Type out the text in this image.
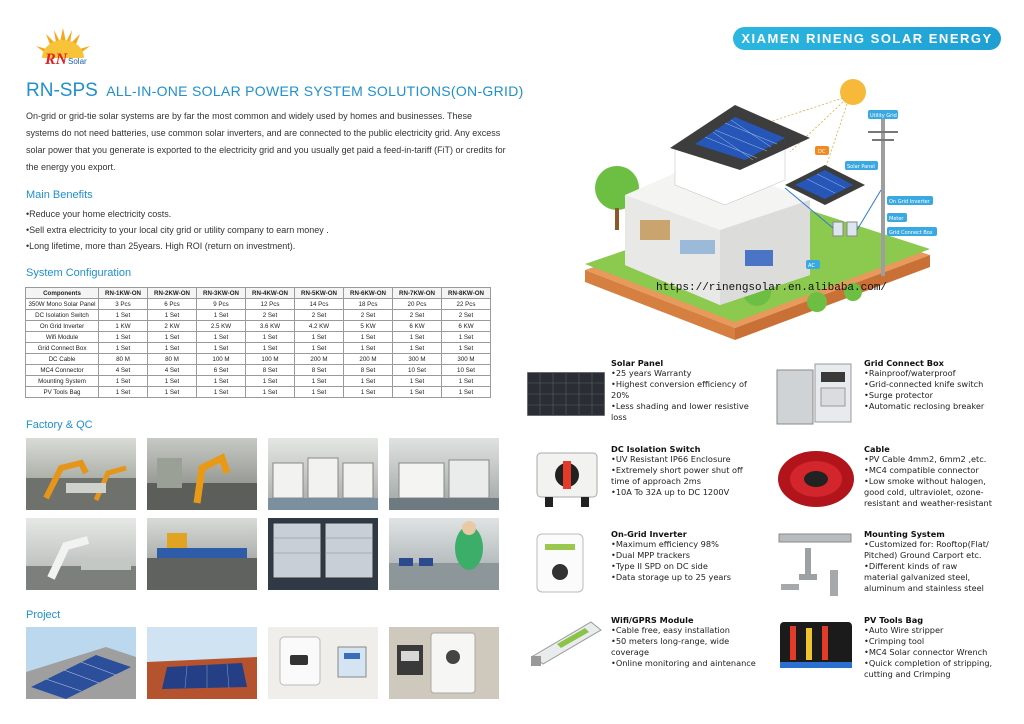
RN Solar
XIAMEN RINENG SOLAR ENERGY
RN-SPS ALL-IN-ONE SOLAR POWER SYSTEM SOLUTIONS(ON-GRID)
On-grid or grid-tie solar systems are by far the most common and widely used by homes and businesses. These systems do not need batteries, use common solar inverters, and are connected to the public electricity grid. Any excess solar power that you generate is exported to the electricity grid and you usually get paid a feed-in-tariff (FiT) or credits for the energy you export.
Main Benefits
•Reduce your home electricity costs.
•Sell extra electricity to your local city grid or utility company to earn money .
•Long lifetime, more than 25years. High ROI (return on investment).
System Configuration
Components	RN-1KW-ON	RN-2KW-ON	RN-3KW-ON	RN-4KW-ON	RN-5KW-ON	RN-6KW-ON	RN-7KW-ON	RN-8KW-ON
350W Mono Solar Panel	3 Pcs	6 Pcs	9 Pcs	12 Pcs	14 Pcs	18 Pcs	20 Pcs	22 Pcs
DC Isolation Switch	1 Set	1 Set	1 Set	2 Set	2 Set	2 Set	2 Set	2 Set
On Grid Inverter	1 KW	2 KW	2.5 KW	3.6 KW	4.2 KW	5 KW	6 KW	6 KW
Wifi Module	1 Set	1 Set	1 Set	1 Set	1 Set	1 Set	1 Set	1 Set
Grid Connect Box	1 Set	1 Set	1 Set	1 Set	1 Set	1 Set	1 Set	1 Set
DC Cable	80 M	80 M	100 M	100 M	200 M	200 M	300 M	300 M
MC4 Connector	4 Set	4 Set	6 Set	8 Set	8 Set	8 Set	10 Set	10 Set
Mounting System	1 Set	1 Set	1 Set	1 Set	1 Set	1 Set	1 Set	1 Set
PV Tools Bag	1 Set	1 Set	1 Set	1 Set	1 Set	1 Set	1 Set	1 Set
Factory & QC
Project
Utility Grid
DC
Solar Panel
On Grid Inverter
Meter
Grid Connect Box
AC
https://rinengsolar.en.alibaba.com/
Solar Panel
•25 years Warranty
•Highest conversion efficiency of
20%
•Less shading and lower resistive
loss
Grid Connect Box
•Rainproof/waterproof
•Grid-connected knife switch
•Surge protector
•Automatic reclosing breaker
DC Isolation Switch
•UV Resistant IP66 Enclosure
•Extremely short power shut off
time of approach 2ms
•10A To 32A up to DC 1200V
Cable
•PV Cable 4mm2, 6mm2 ,etc.
•MC4 compatible connector
•Low smoke without halogen,
good cold, ultraviolet, ozone-
resistant and weather-resistant
On-Grid Inverter
•Maximum efficiency 98%
•Dual MPP trackers
•Type II SPD on DC side
•Data storage up to 25 years
Mounting System
•Customized for: Rooftop(Flat/
Pitched) Ground Carport etc.
•Different kinds of raw
material galvanized steel,
aluminum and stainless steel
Wifi/GPRS Module
•Cable free, easy installation
•50 meters long-range, wide
coverage
•Online monitoring and aintenance
PV Tools Bag
•Auto Wire stripper
•Crimping tool
•MC4 Solar connector Wrench
•Quick completion of stripping,
cutting and Crimping
